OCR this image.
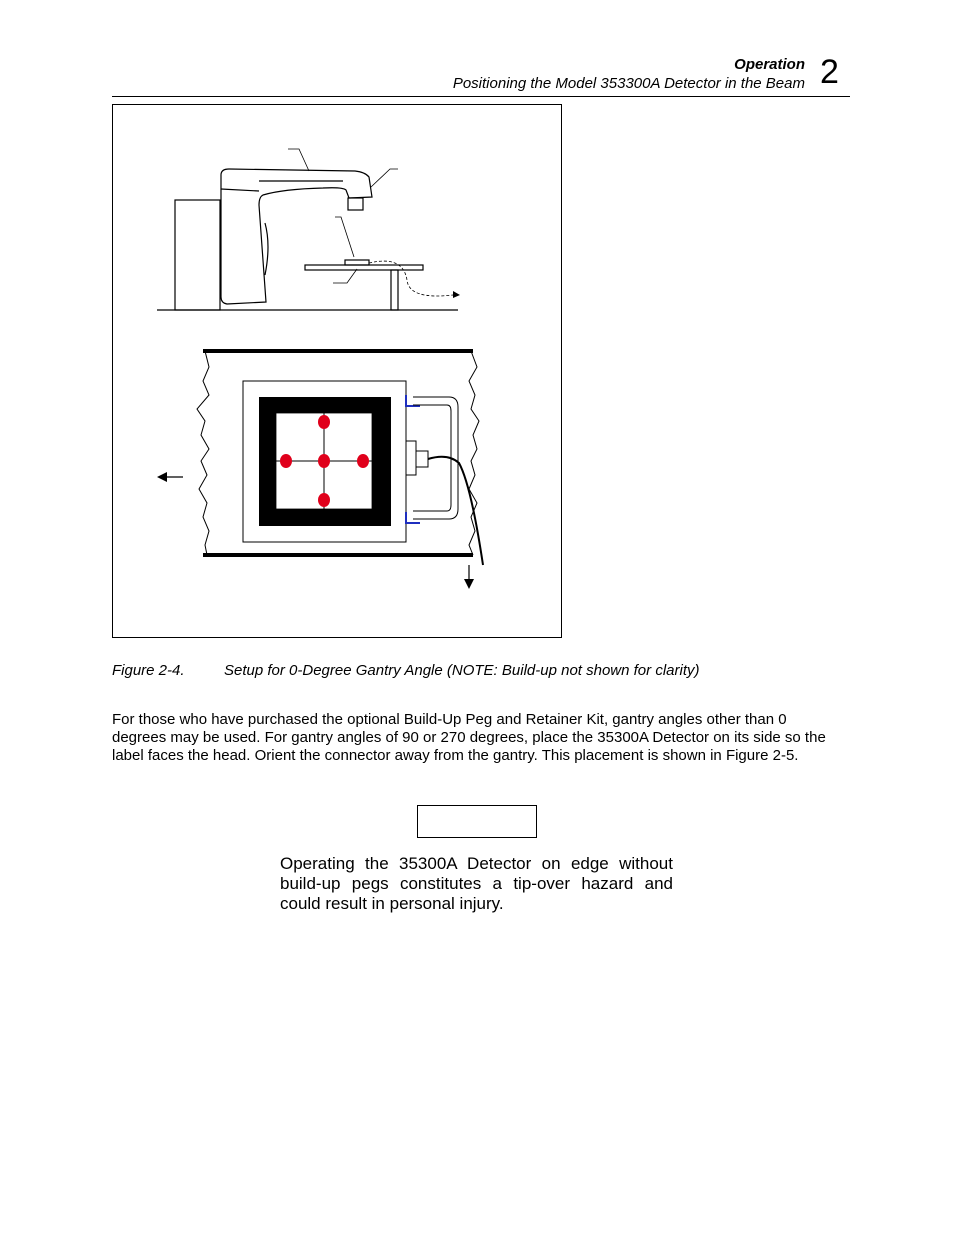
Operation
Positioning the Model 353300A Detector in the Beam 2
Figure 2-4.	Setup for 0-Degree Gantry Angle (NOTE: Build-up not shown for clarity)
For those who have purchased the optional Build-Up Peg and Retainer Kit, gantry angles other than 0 degrees may be used. For gantry angles of 90 or 270 degrees, place the 35300A Detector on its side so the label faces the head. Orient the connector away from the gantry. This placement is shown in Figure 2-5.
Operating the 35300A Detector on edge without build-up pegs constitutes a tip-over hazard and could result in personal injury.
